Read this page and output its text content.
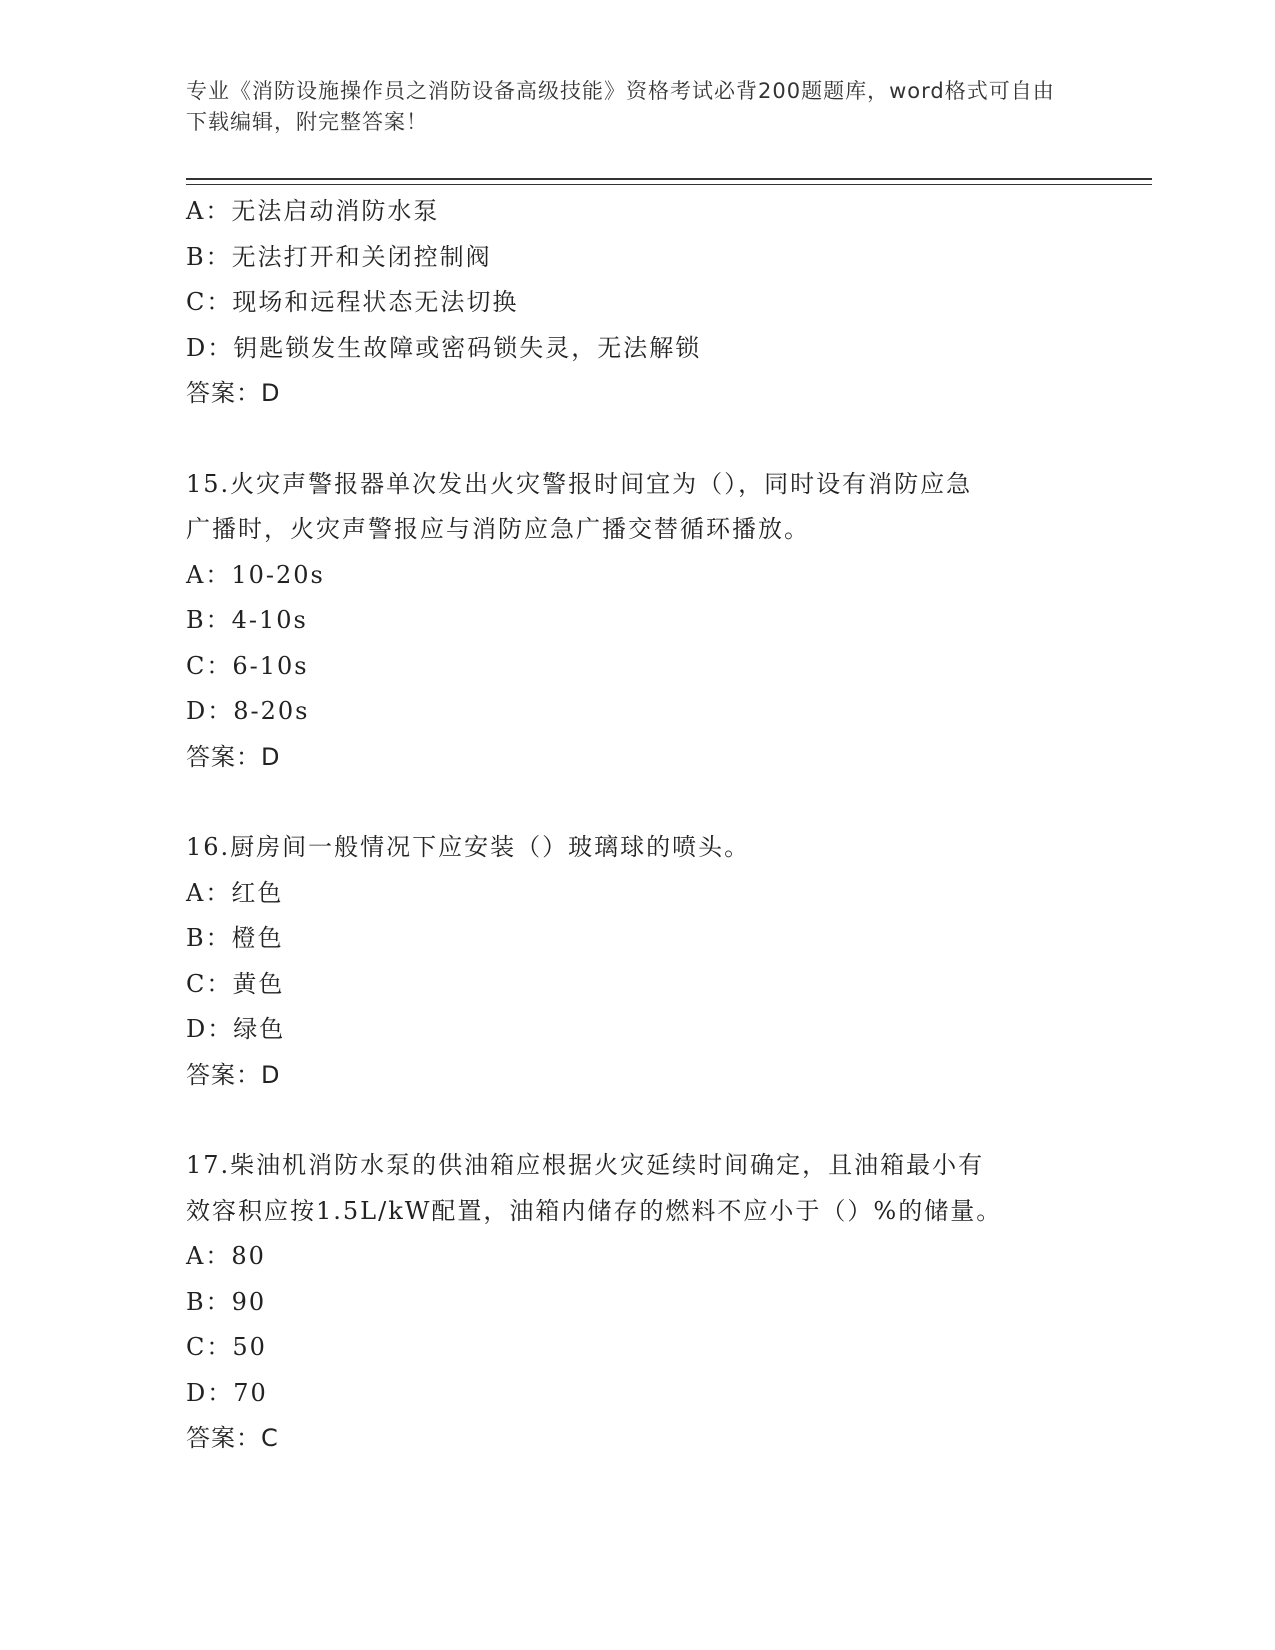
专业《消防设施操作员之消防设备高级技能》资格考试必背200题题库，word格式可自由下载编辑，附完整答案！
A：无法启动消防水泵
B：无法打开和关闭控制阀
C：现场和远程状态无法切换
D：钥匙锁发生故障或密码锁失灵，无法解锁
答案：D
15.火灾声警报器单次发出火灾警报时间宜为（），同时设有消防应急
广播时，火灾声警报应与消防应急广播交替循环播放。
A：10-20s
B：4-10s
C：6-10s
D：8-20s
答案：D
16.厨房间一般情况下应安装（）玻璃球的喷头。
A：红色
B：橙色
C：黄色
D：绿色
答案：D
17.柴油机消防水泵的供油箱应根据火灾延续时间确定，且油箱最小有
效容积应按1.5L/kW配置，油箱内储存的燃料不应小于（）%的储量。
A：80
B：90
C：50
D：70
答案：C
